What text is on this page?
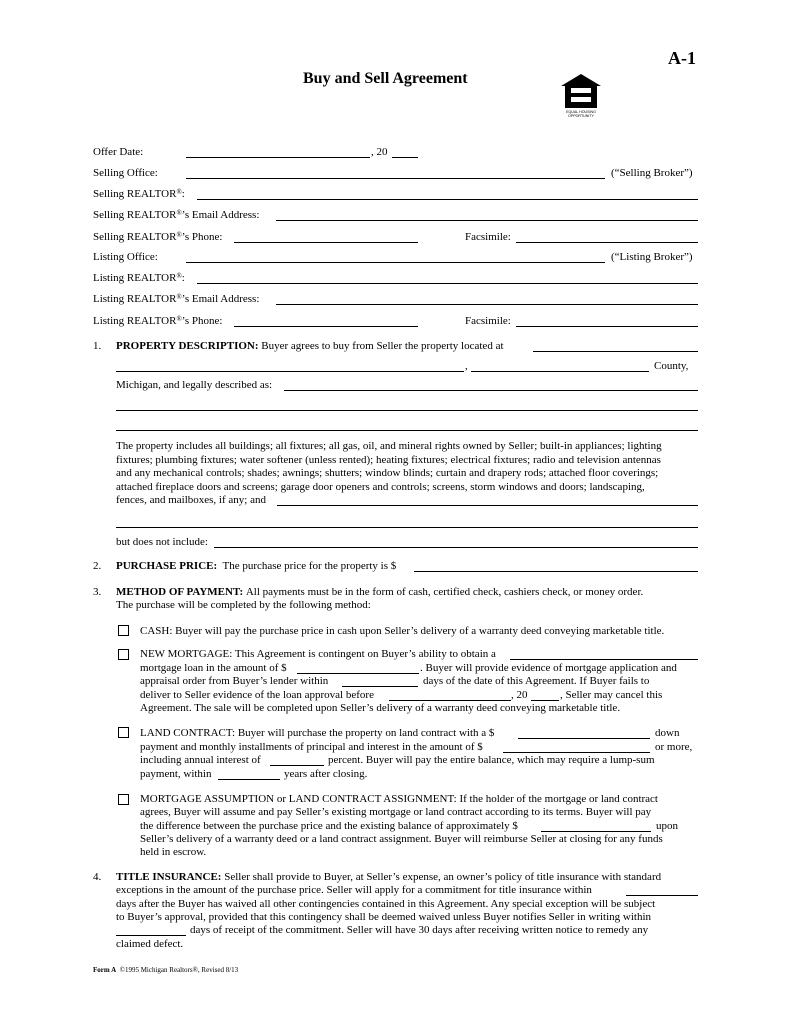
A-1
Buy and Sell Agreement
EQUAL HOUSING OPPORTUNITY
Offer Date:	, 20
Selling Office:	(“Selling Broker”)
Selling REALTOR®:
Selling REALTOR®’s Email Address:
Selling REALTOR®’s Phone:	Facsimile:
Listing Office:	(“Listing Broker”)
Listing REALTOR®:
Listing REALTOR®’s Email Address:
Listing REALTOR®’s Phone:	Facsimile:
1. PROPERTY DESCRIPTION: Buyer agrees to buy from Seller the property located at
,	County,
Michigan, and legally described as:
The property includes all buildings; all fixtures; all gas, oil, and mineral rights owned by Seller; built-in appliances; lighting
fixtures; plumbing fixtures; water softener (unless rented); heating fixtures; electrical fixtures; radio and television antennas
and any mechanical controls; shades; awnings; shutters; window blinds; curtain and drapery rods; attached floor coverings;
attached fireplace doors and screens; garage door openers and controls; screens, storm windows and doors; landscaping,
fences, and mailboxes, if any; and
but does not include:
2. PURCHASE PRICE: The purchase price for the property is $
3. METHOD OF PAYMENT: All payments must be in the form of cash, certified check, cashiers check, or money order.
The purchase will be completed by the following method:
CASH: Buyer will pay the purchase price in cash upon Seller’s delivery of a warranty deed conveying marketable title.
NEW MORTGAGE: This Agreement is contingent on Buyer’s ability to obtain a
mortgage loan in the amount of $	. Buyer will provide evidence of mortgage application and
appraisal order from Buyer’s lender within	days of the date of this Agreement. If Buyer fails to
deliver to Seller evidence of the loan approval before	, 20	, Seller may cancel this
Agreement. The sale will be completed upon Seller’s delivery of a warranty deed conveying marketable title.
LAND CONTRACT: Buyer will purchase the property on land contract with a $	down
payment and monthly installments of principal and interest in the amount of $	or more,
including annual interest of	percent. Buyer will pay the entire balance, which may require a lump-sum
payment, within	years after closing.
MORTGAGE ASSUMPTION or LAND CONTRACT ASSIGNMENT: If the holder of the mortgage or land contract
agrees, Buyer will assume and pay Seller’s existing mortgage or land contract according to its terms. Buyer will pay
the difference between the purchase price and the existing balance of approximately $	upon
Seller’s delivery of a warranty deed or a land contract assignment. Buyer will reimburse Seller at closing for any funds
held in escrow.
4. TITLE INSURANCE: Seller shall provide to Buyer, at Seller’s expense, an owner’s policy of title insurance with standard
exceptions in the amount of the purchase price. Seller will apply for a commitment for title insurance within
days after the Buyer has waived all other contingencies contained in this Agreement. Any special exception will be subject
to Buyer’s approval, provided that this contingency shall be deemed waived unless Buyer notifies Seller in writing within
days of receipt of the commitment. Seller will have 30 days after receiving written notice to remedy any
claimed defect.
Form A ©1995 Michigan Realtors®, Revised 8/13
